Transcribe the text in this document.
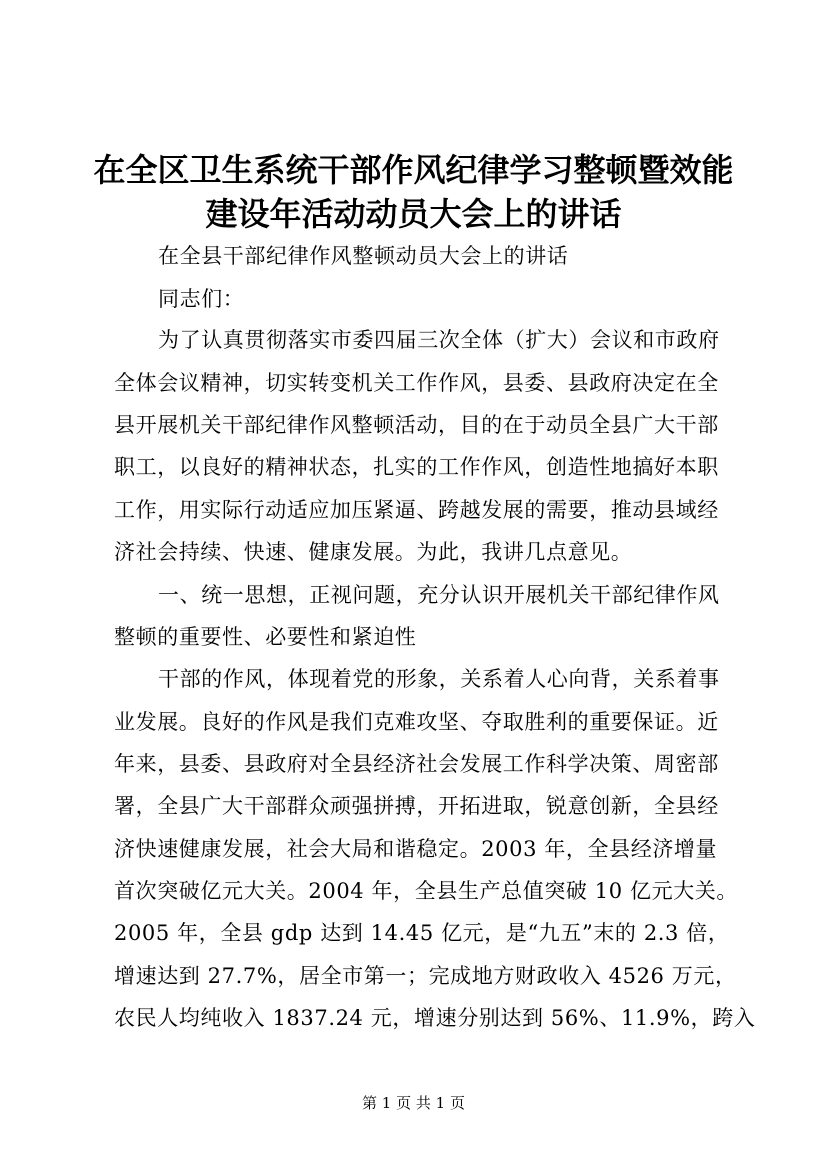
在全区卫生系统干部作风纪律学习整顿暨效能
建设年活动动员大会上的讲话
在全县干部纪律作风整顿动员大会上的讲话
同志们：
为了认真贯彻落实市委四届三次全体（扩大）会议和市政府
全体会议精神，切实转变机关工作作风，县委、县政府决定在全
县开展机关干部纪律作风整顿活动，目的在于动员全县广大干部
职工，以良好的精神状态，扎实的工作作风，创造性地搞好本职
工作，用实际行动适应加压紧逼、跨越发展的需要，推动县域经
济社会持续、快速、健康发展。为此，我讲几点意见。
一、统一思想，正视问题，充分认识开展机关干部纪律作风
整顿的重要性、必要性和紧迫性
干部的作风，体现着党的形象，关系着人心向背，关系着事
业发展。良好的作风是我们克难攻坚、夺取胜利的重要保证。近
年来，县委、县政府对全县经济社会发展工作科学决策、周密部
署，全县广大干部群众顽强拼搏，开拓进取，锐意创新，全县经
济快速健康发展，社会大局和谐稳定。2003 年，全县经济增量
首次突破亿元大关。2004 年，全县生产总值突破 10 亿元大关。
2005 年，全县 gdp 达到 14.45 亿元，是“九五”末的 2.3 倍，
增速达到 27.7%，居全市第一；完成地方财政收入 4526 万元，
农民人均纯收入 1837.24 元，增速分别达到 56%、11.9%，跨入
第 1 页 共 1 页
